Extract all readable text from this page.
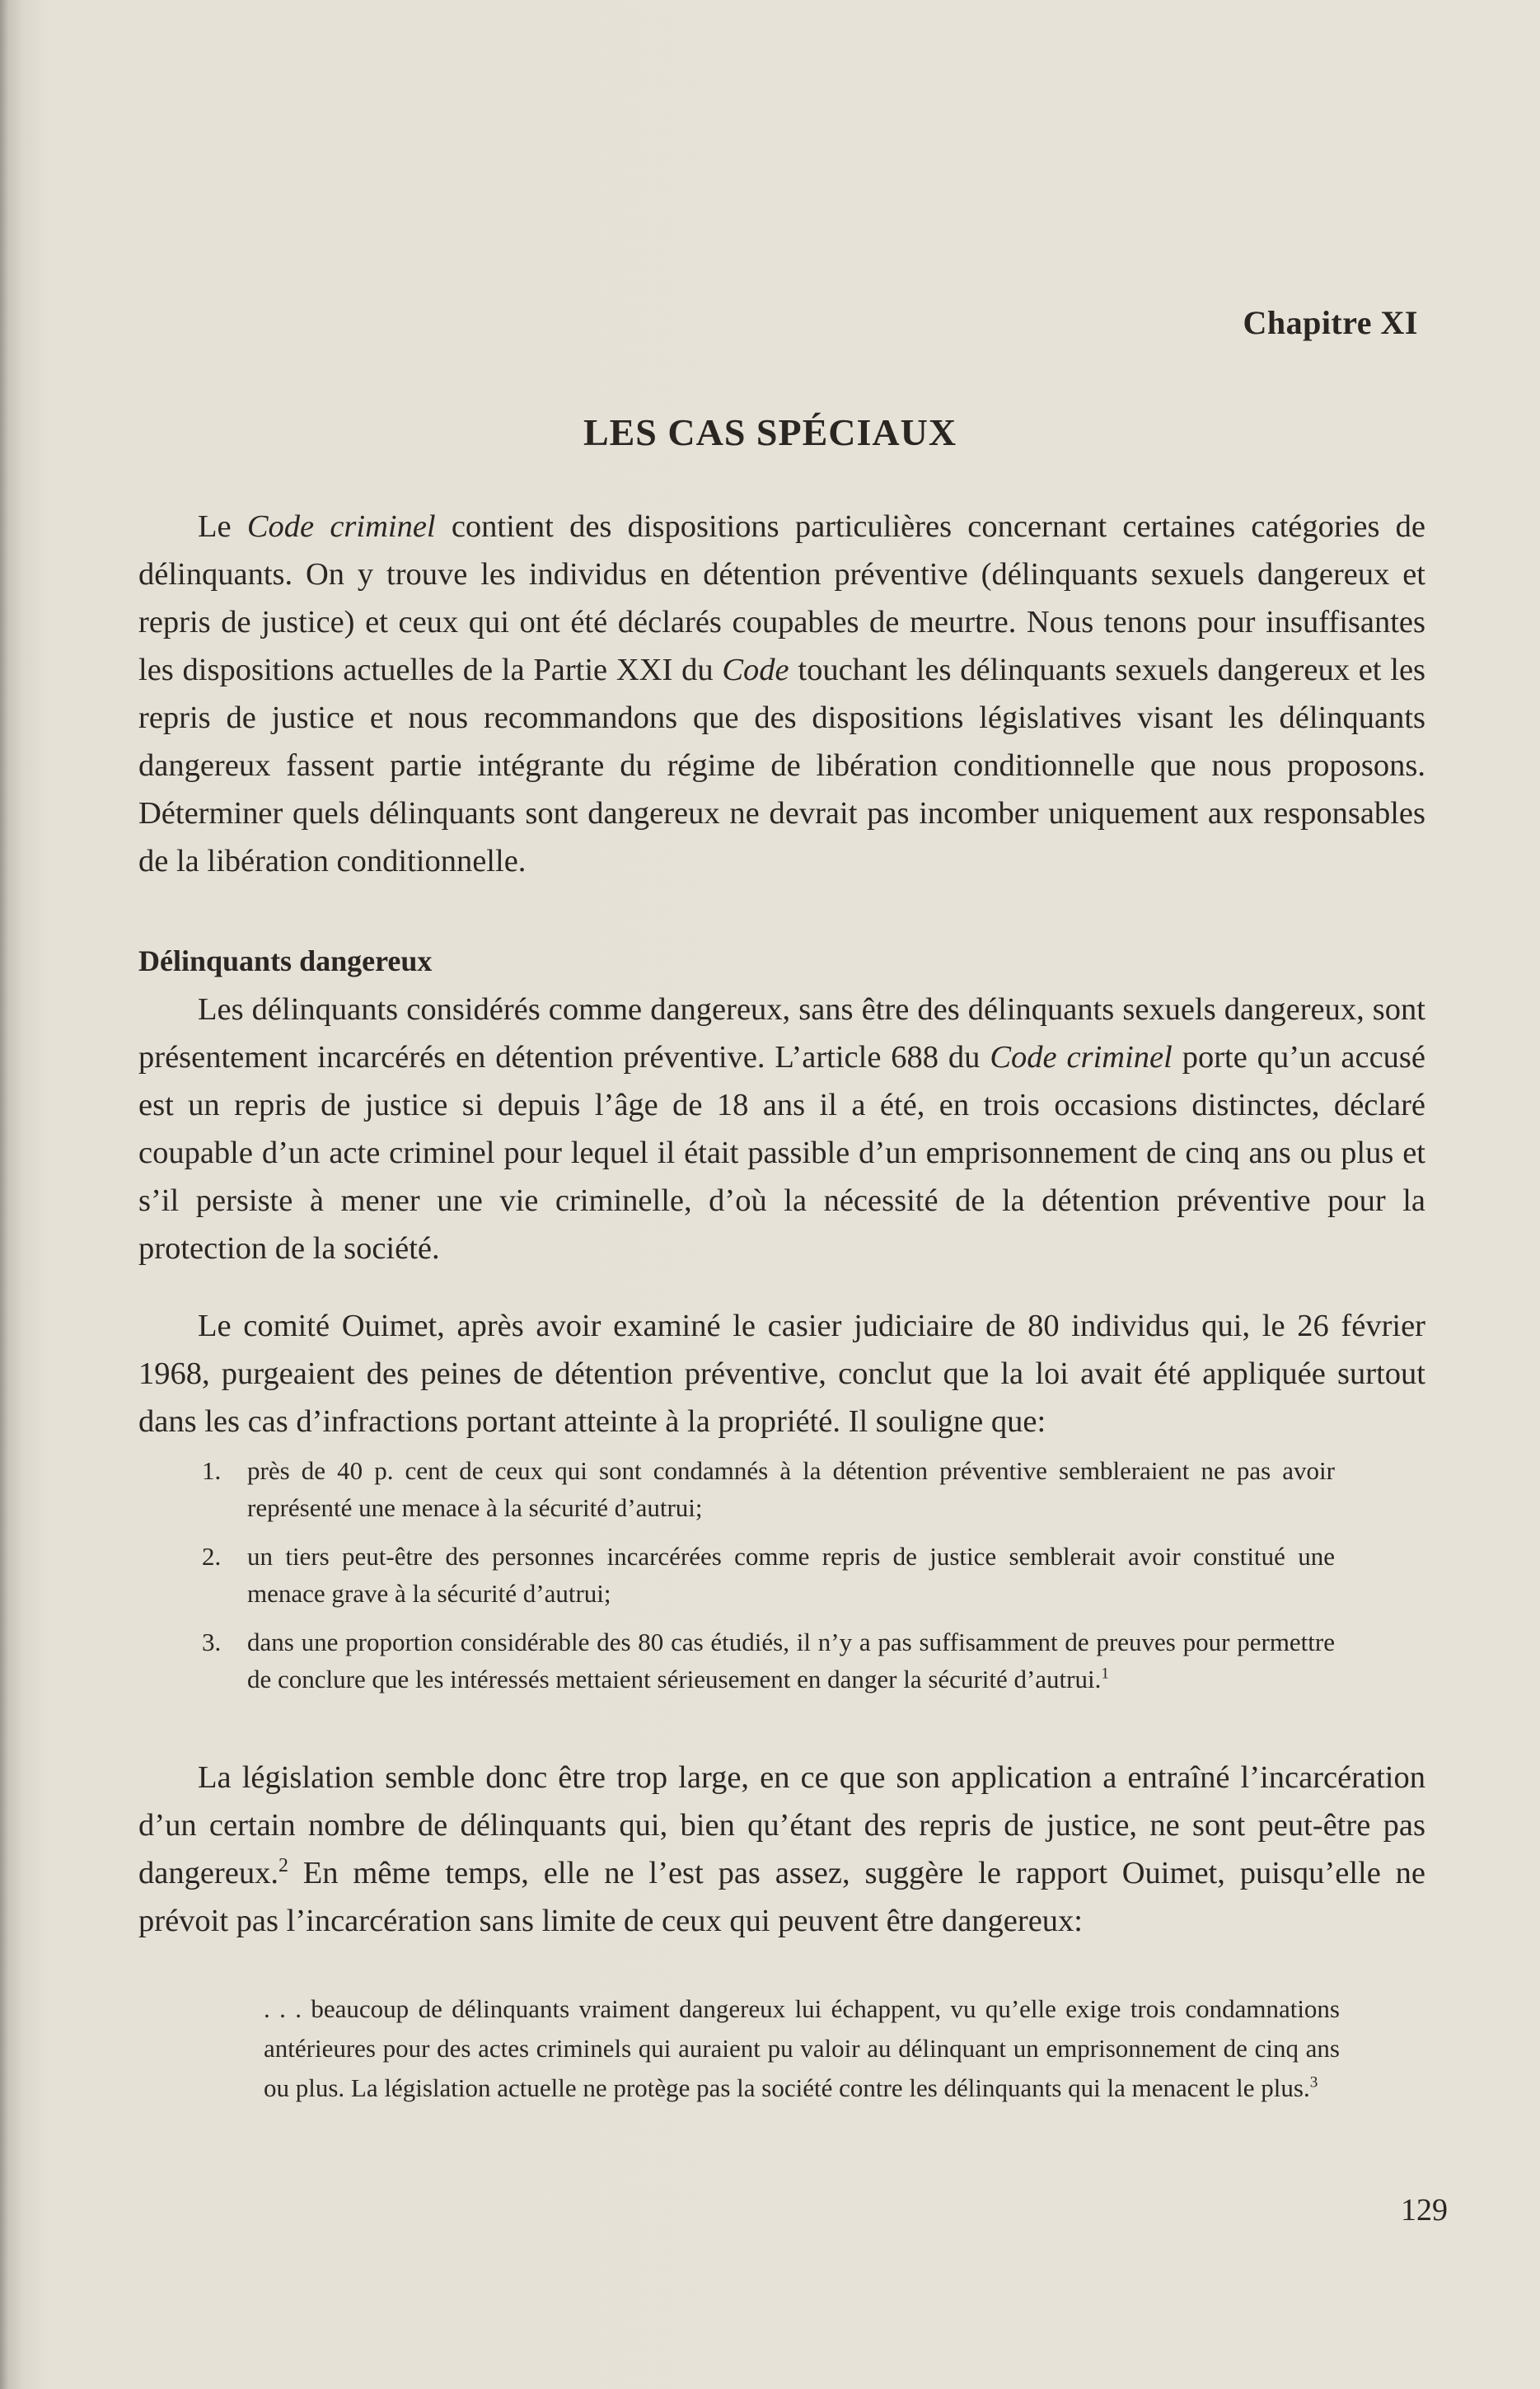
Chapitre XI
LES CAS SPÉCIAUX

Le Code criminel contient des dispositions particulières concernant certaines catégories de délinquants. On y trouve les individus en détention préventive (délinquants sexuels dangereux et repris de justice) et ceux qui ont été déclarés coupables de meurtre. Nous tenons pour insuffisantes les dispositions actuelles de la Partie XXI du Code touchant les délinquants sexuels dangereux et les repris de justice et nous recommandons que des dispositions législatives visant les délinquants dangereux fassent partie intégrante du régime de libération conditionnelle que nous proposons. Déterminer quels délinquants sont dangereux ne devrait pas incomber uniquement aux responsables de la libération conditionnelle.

Délinquants dangereux

Les délinquants considérés comme dangereux, sans être des délinquants sexuels dangereux, sont présentement incarcérés en détention préventive. L’article 688 du Code criminel porte qu’un accusé est un repris de justice si depuis l’âge de 18 ans il a été, en trois occasions distinctes, déclaré coupable d’un acte criminel pour lequel il était passible d’un emprisonnement de cinq ans ou plus et s’il persiste à mener une vie criminelle, d’où la nécessité de la détention préventive pour la protection de la société.

Le comité Ouimet, après avoir examiné le casier judiciaire de 80 individus qui, le 26 février 1968, purgeaient des peines de détention préventive, conclut que la loi avait été appliquée surtout dans les cas d’infractions portant atteinte à la propriété. Il souligne que:

1. près de 40 p. cent de ceux qui sont condamnés à la détention préventive sembleraient ne pas avoir représenté une menace à la sécurité d’autrui;
2. un tiers peut-être des personnes incarcérées comme repris de justice semblerait avoir constitué une menace grave à la sécurité d’autrui;
3. dans une proportion considérable des 80 cas étudiés, il n’y a pas suffisamment de preuves pour permettre de conclure que les intéressés mettaient sérieusement en danger la sécurité d’autrui.$^1$

La législation semble donc être trop large, en ce que son application a entraîné l’incarcération d’un certain nombre de délinquants qui, bien qu’étant des repris de justice, ne sont peut-être pas dangereux.$^2$ En même temps, elle ne l’est pas assez, suggère le rapport Ouimet, puisqu’elle ne prévoit pas l’incarcération sans limite de ceux qui peuvent être dangereux:

. . . beaucoup de délinquants vraiment dangereux lui échappent, vu qu’elle exige trois condamnations antérieures pour des actes criminels qui auraient pu valoir au délinquant un emprisonnement de cinq ans ou plus. La législation actuelle ne protège pas la société contre les délinquants qui la menacent le plus.$^3$

129
